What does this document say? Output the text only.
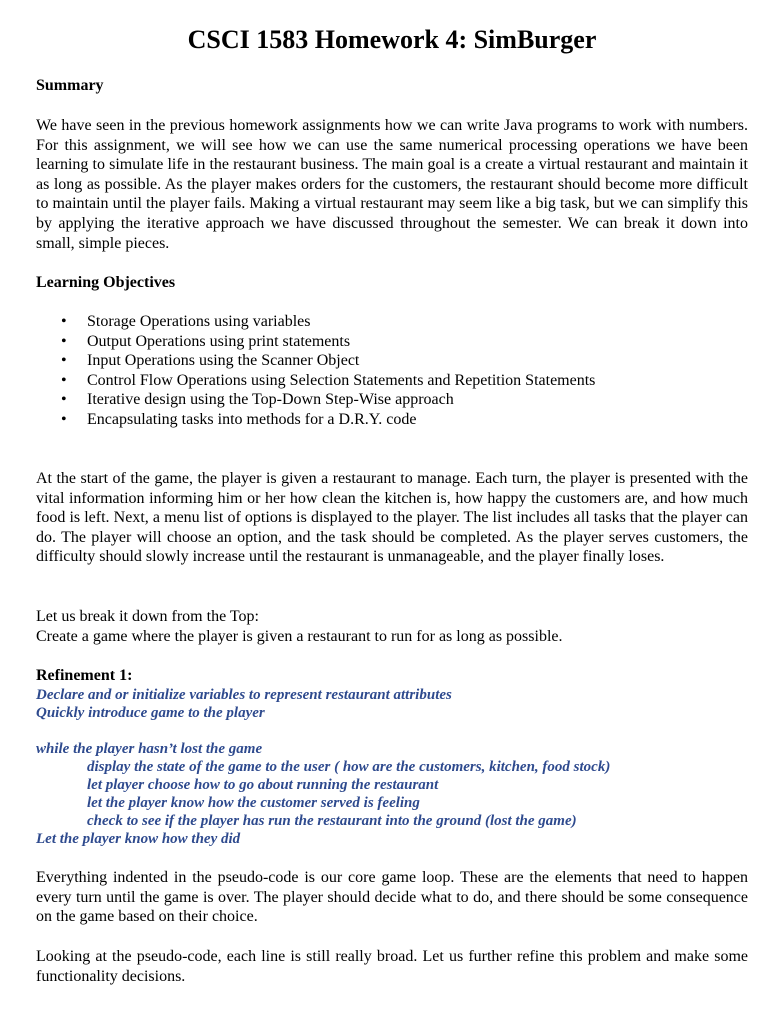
CSCI 1583 Homework 4: SimBurger
Summary
We have seen in the previous homework assignments how we can write Java programs to work with numbers. For this assignment, we will see how we can use the same numerical processing operations we have been learning to simulate life in the restaurant business. The main goal is a create a virtual restaurant and maintain it as long as possible. As the player makes orders for the customers, the restaurant should become more difficult to maintain until the player fails. Making a virtual restaurant may seem like a big task, but we can simplify this by applying the iterative approach we have discussed throughout the semester. We can break it down into small, simple pieces.
Learning Objectives
• Storage Operations using variables
• Output Operations using print statements
• Input Operations using the Scanner Object
• Control Flow Operations using Selection Statements and Repetition Statements
• Iterative design using the Top-Down Step-Wise approach
• Encapsulating tasks into methods for a D.R.Y. code
At the start of the game, the player is given a restaurant to manage. Each turn, the player is presented with the vital information informing him or her how clean the kitchen is, how happy the customers are, and how much food is left. Next, a menu list of options is displayed to the player. The list includes all tasks that the player can do. The player will choose an option, and the task should be completed. As the player serves customers, the difficulty should slowly increase until the restaurant is unmanageable, and the player finally loses.
Let us break it down from the Top:
Create a game where the player is given a restaurant to run for as long as possible.
Refinement 1:
Declare and or initialize variables to represent restaurant attributes
Quickly introduce game to the player
while the player hasn’t lost the game
display the state of the game to the user ( how are the customers, kitchen, food stock)
let player choose how to go about running the restaurant
let the player know how the customer served is feeling
check to see if the player has run the restaurant into the ground (lost the game)
Let the player know how they did
Everything indented in the pseudo-code is our core game loop. These are the elements that need to happen every turn until the game is over. The player should decide what to do, and there should be some consequence on the game based on their choice.
Looking at the pseudo-code, each line is still really broad. Let us further refine this problem and make some functionality decisions.
